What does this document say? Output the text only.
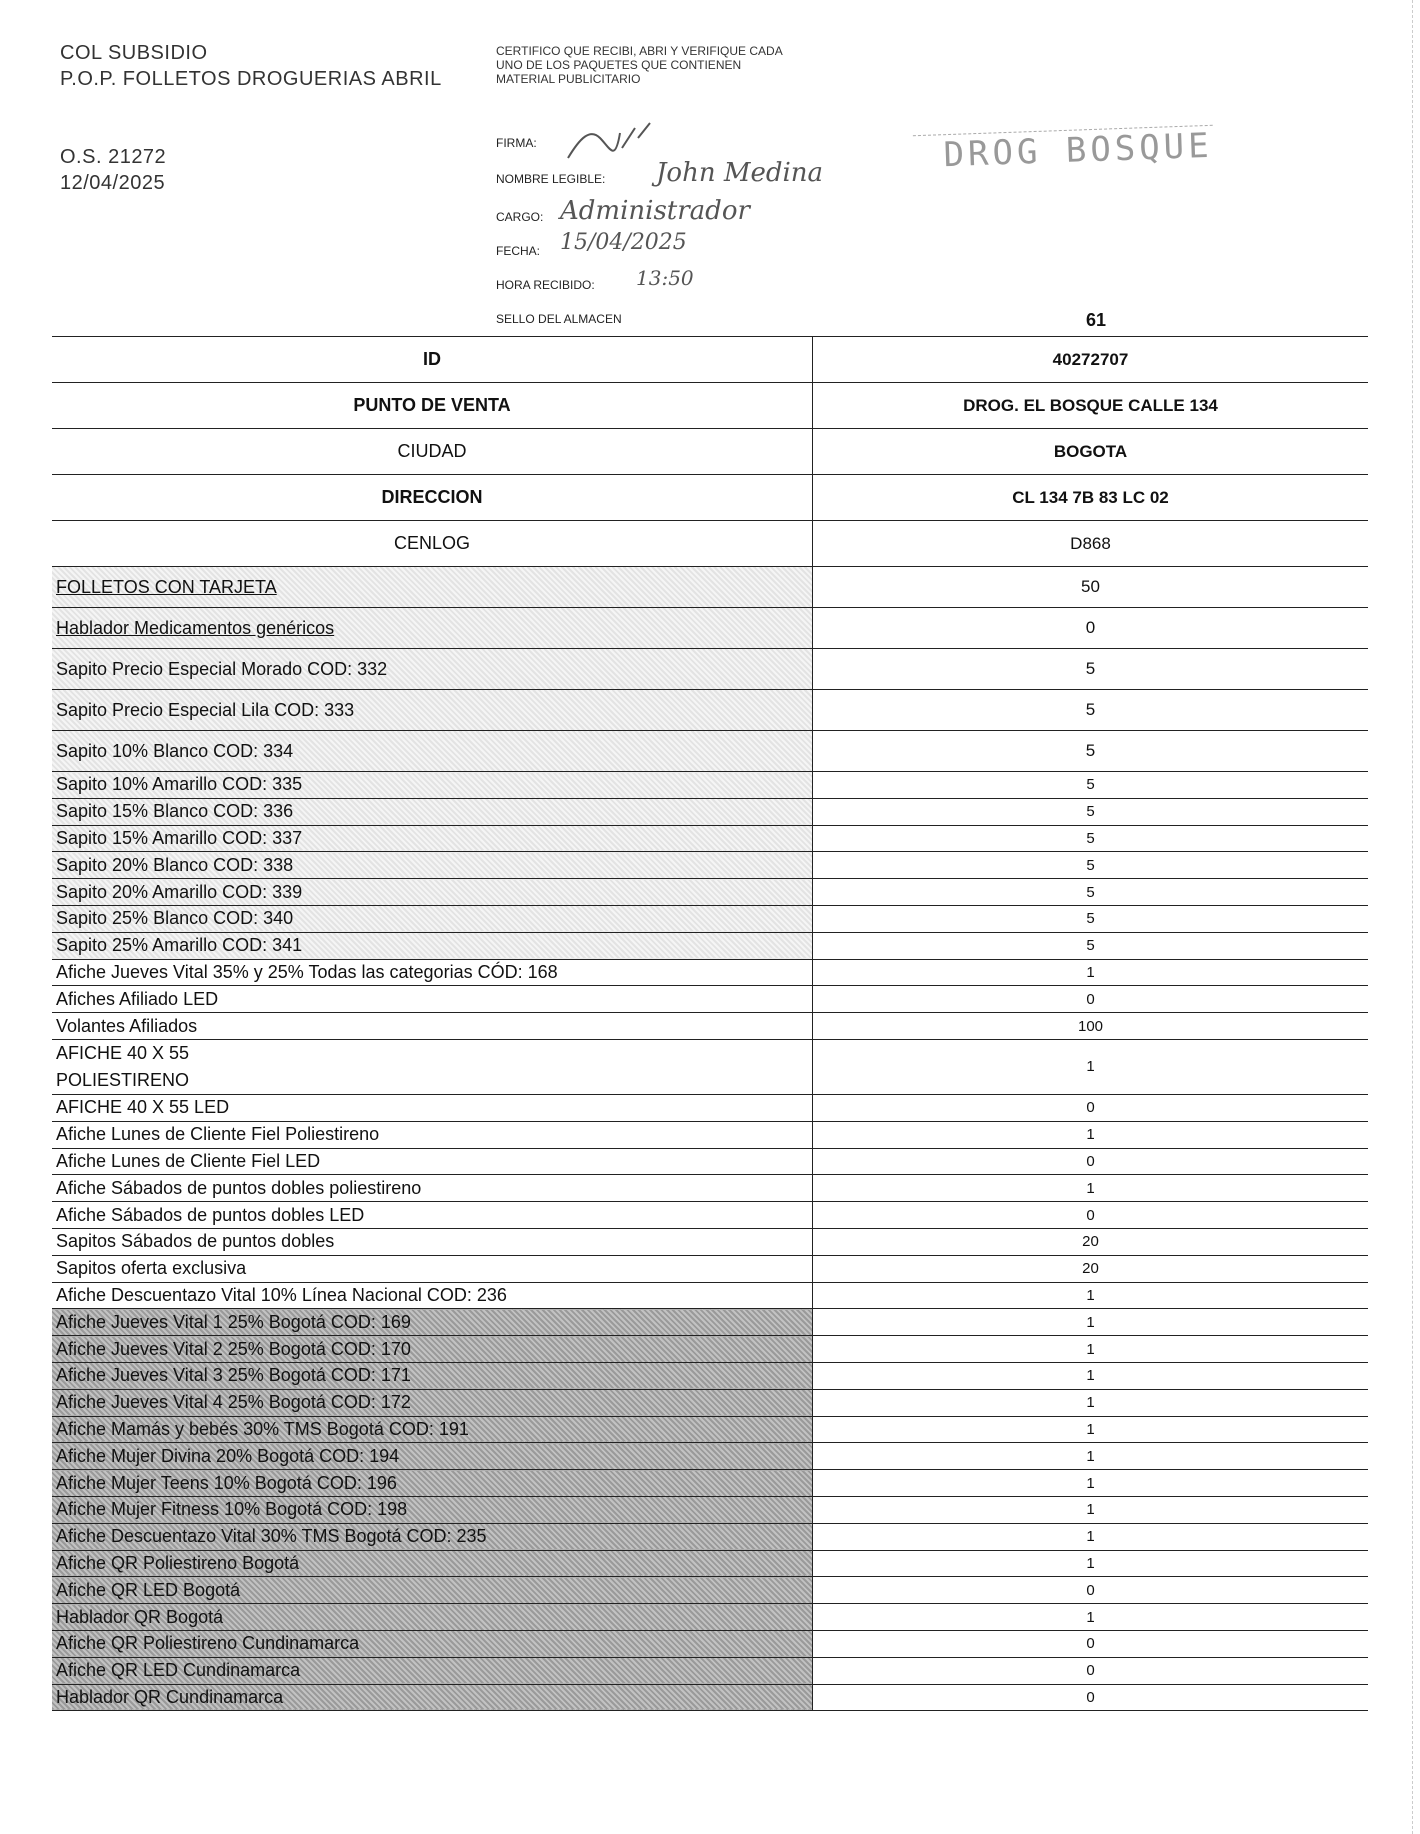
COL SUBSIDIO
P.O.P. FOLLETOS DROGUERIAS ABRIL
O.S. 21272
12/04/2025
CERTIFICO QUE RECIBI, ABRI Y VERIFIQUE CADA UNO DE LOS PAQUETES QUE CONTIENEN MATERIAL PUBLICITARIO
FIRMA:
NOMBRE LEGIBLE: John Medina
CARGO: Administrador
FECHA: 15/04/2025
HORA RECIBIDO: 13:50
SELLO DEL ALMACEN
DROG BOSQUE
61
ID	40272707
PUNTO DE VENTA	DROG. EL BOSQUE CALLE 134
CIUDAD	BOGOTA
DIRECCION	CL 134 7B 83 LC 02
CENLOG	D868
FOLLETOS CON TARJETA	50
Hablador Medicamentos genéricos	0
Sapito Precio Especial Morado COD: 332	5
Sapito Precio Especial Lila COD: 333	5
Sapito 10% Blanco COD: 334	5
Sapito 10% Amarillo COD: 335	5
Sapito 15% Blanco COD: 336	5
Sapito 15% Amarillo COD: 337	5
Sapito 20% Blanco COD: 338	5
Sapito 20% Amarillo COD: 339	5
Sapito 25% Blanco COD: 340	5
Sapito 25% Amarillo COD: 341	5
Afiche Jueves Vital 35% y 25% Todas las categorias CÓD: 168	1
Afiches Afiliado LED	0
Volantes Afiliados	100
AFICHE 40 X 55
POLIESTIRENO	1
AFICHE 40 X 55 LED	0
Afiche Lunes de Cliente Fiel Poliestireno	1
Afiche Lunes de Cliente Fiel LED	0
Afiche Sábados de puntos dobles poliestireno	1
Afiche Sábados de puntos dobles LED	0
Sapitos Sábados de puntos dobles	20
Sapitos oferta exclusiva	20
Afiche Descuentazo Vital 10% Línea Nacional COD: 236	1
Afiche Jueves Vital 1 25% Bogotá COD: 169	1
Afiche Jueves Vital 2 25% Bogotá COD: 170	1
Afiche Jueves Vital 3 25% Bogotá COD: 171	1
Afiche Jueves Vital 4 25% Bogotá COD: 172	1
Afiche Mamás y bebés 30% TMS Bogotá COD: 191	1
Afiche Mujer Divina 20% Bogotá COD: 194	1
Afiche Mujer Teens 10% Bogotá COD: 196	1
Afiche Mujer Fitness 10% Bogotá COD: 198	1
Afiche Descuentazo Vital 30% TMS Bogotá COD: 235	1
Afiche QR Poliestireno Bogotá	1
Afiche QR LED Bogotá	0
Hablador QR Bogotá	1
Afiche QR Poliestireno Cundinamarca	0
Afiche QR LED Cundinamarca	0
Hablador QR Cundinamarca	0
